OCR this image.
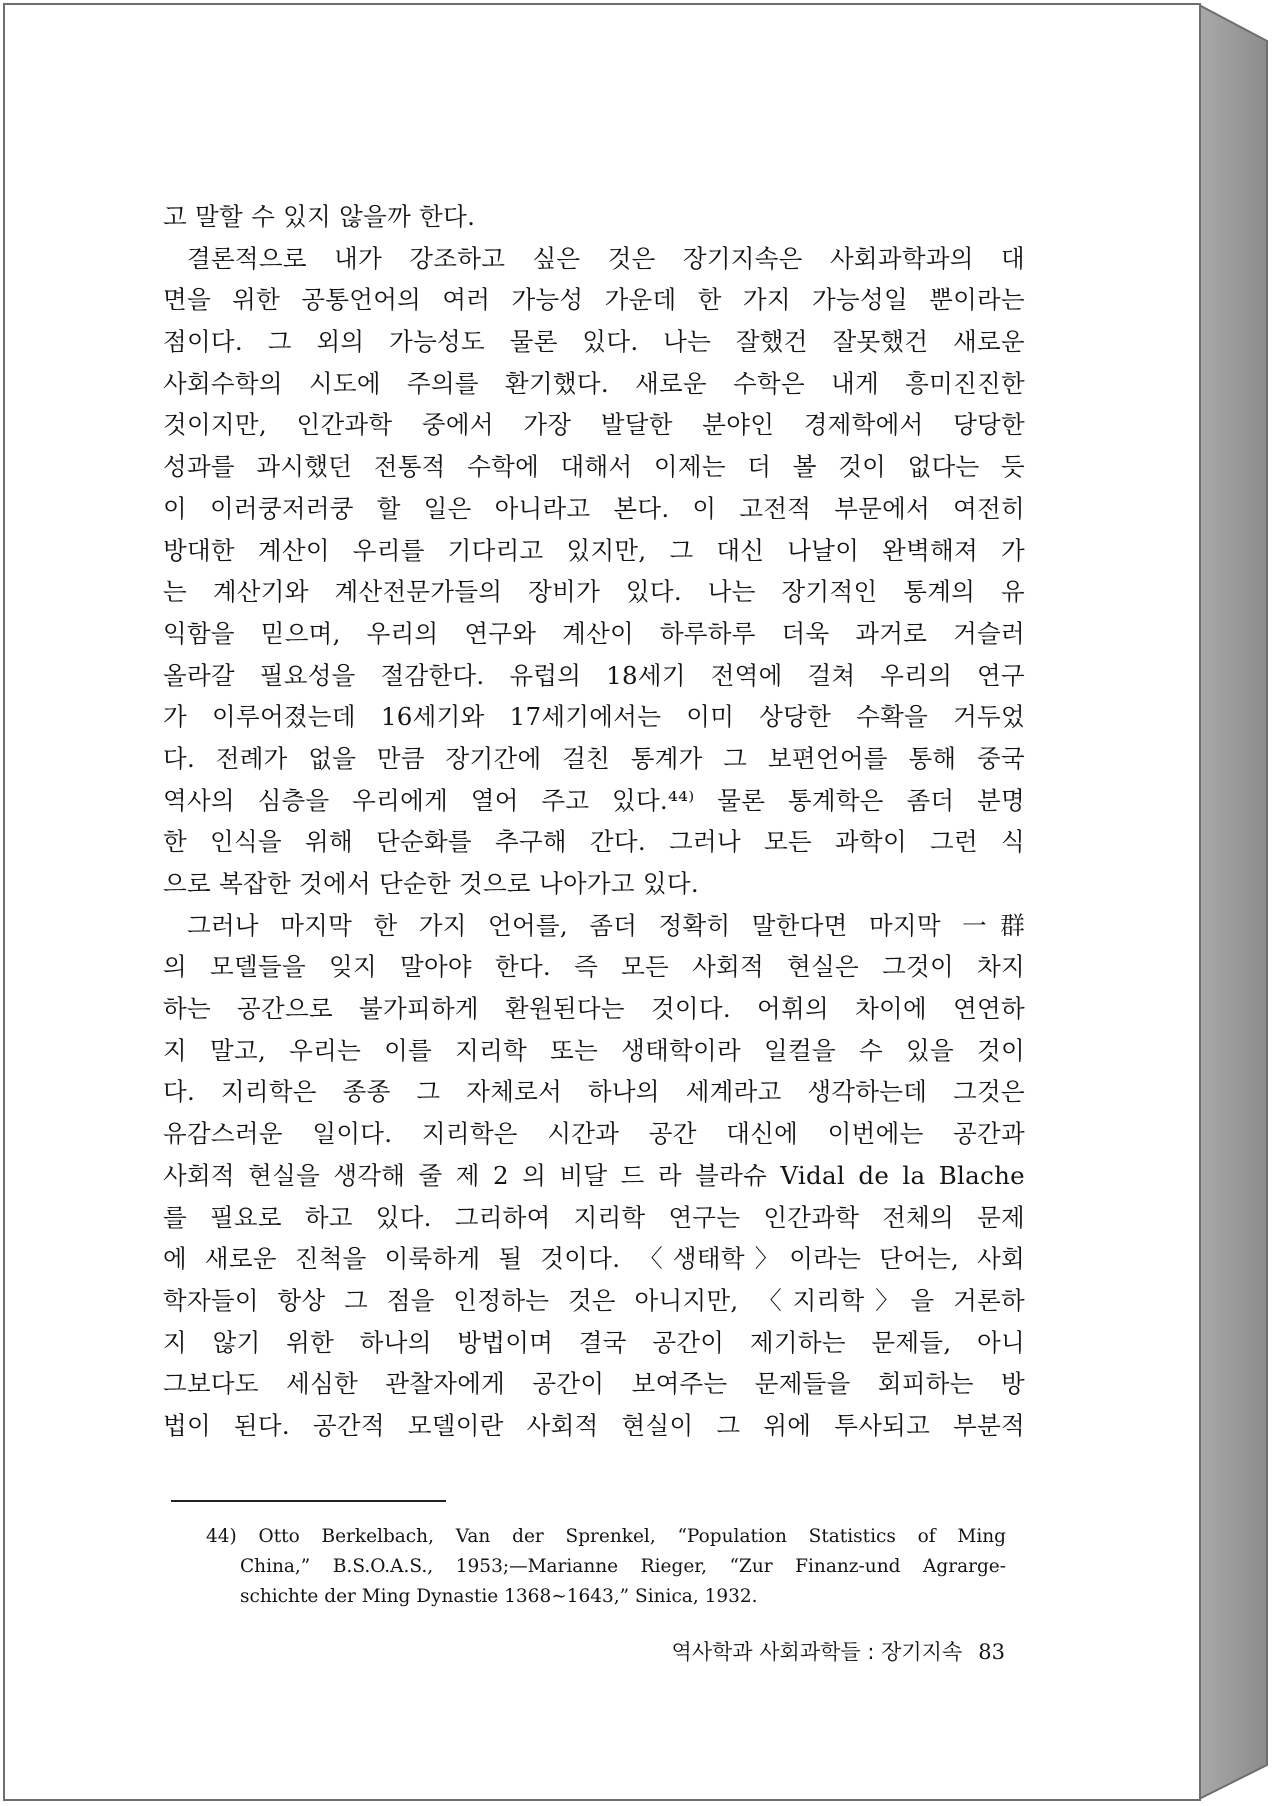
고 말할 수 있지 않을까 한다.
결론적으로 내가 강조하고 싶은 것은 장기지속은 사회과학과의 대
면을 위한 공통언어의 여러 가능성 가운데 한 가지 가능성일 뿐이라는
점이다. 그 외의 가능성도 물론 있다. 나는 잘했건 잘못했건 새로운
사회수학의 시도에 주의를 환기했다. 새로운 수학은 내게 흥미진진한
것이지만, 인간과학 중에서 가장 발달한 분야인 경제학에서 당당한
성과를 과시했던 전통적 수학에 대해서 이제는 더 볼 것이 없다는 듯
이 이러쿵저러쿵 할 일은 아니라고 본다. 이 고전적 부문에서 여전히
방대한 계산이 우리를 기다리고 있지만, 그 대신 나날이 완벽해져 가
는 계산기와 계산전문가들의 장비가 있다. 나는 장기적인 통계의 유
익함을 믿으며, 우리의 연구와 계산이 하루하루 더욱 과거로 거슬러
올라갈 필요성을 절감한다. 유럽의 18세기 전역에 걸쳐 우리의 연구
가 이루어졌는데 16세기와 17세기에서는 이미 상당한 수확을 거두었
다. 전례가 없을 만큼 장기간에 걸친 통계가 그 보편언어를 통해 중국
역사의 심층을 우리에게 열어 주고 있다.⁴⁴⁾ 물론 통계학은 좀더 분명
한 인식을 위해 단순화를 추구해 간다. 그러나 모든 과학이 그런 식
으로 복잡한 것에서 단순한 것으로 나아가고 있다.
그러나 마지막 한 가지 언어를, 좀더 정확히 말한다면 마지막 一群
의 모델들을 잊지 말아야 한다. 즉 모든 사회적 현실은 그것이 차지
하는 공간으로 불가피하게 환원된다는 것이다. 어휘의 차이에 연연하
지 말고, 우리는 이를 지리학 또는 생태학이라 일컬을 수 있을 것이
다. 지리학은 종종 그 자체로서 하나의 세계라고 생각하는데 그것은
유감스러운 일이다. 지리학은 시간과 공간 대신에 이번에는 공간과
사회적 현실을 생각해 줄 제 2 의 비달 드 라 블라슈 Vidal de la Blache
를 필요로 하고 있다. 그리하여 지리학 연구는 인간과학 전체의 문제
에 새로운 진척을 이룩하게 될 것이다. 〈생태학〉이라는 단어는, 사회
학자들이 항상 그 점을 인정하는 것은 아니지만, 〈지리학〉을 거론하
지 않기 위한 하나의 방법이며 결국 공간이 제기하는 문제들, 아니
그보다도 세심한 관찰자에게 공간이 보여주는 문제들을 회피하는 방
법이 된다. 공간적 모델이란 사회적 현실이 그 위에 투사되고 부분적
44) Otto Berkelbach, Van der Sprenkel, “Population Statistics of Ming
China,” B.S.O.A.S., 1953;—Marianne Rieger, “Zur Finanz-und Agrarge-
schichte der Ming Dynastie 1368∼1643,” Sinica, 1932.
역사학과 사회과학들 : 장기지속 83
